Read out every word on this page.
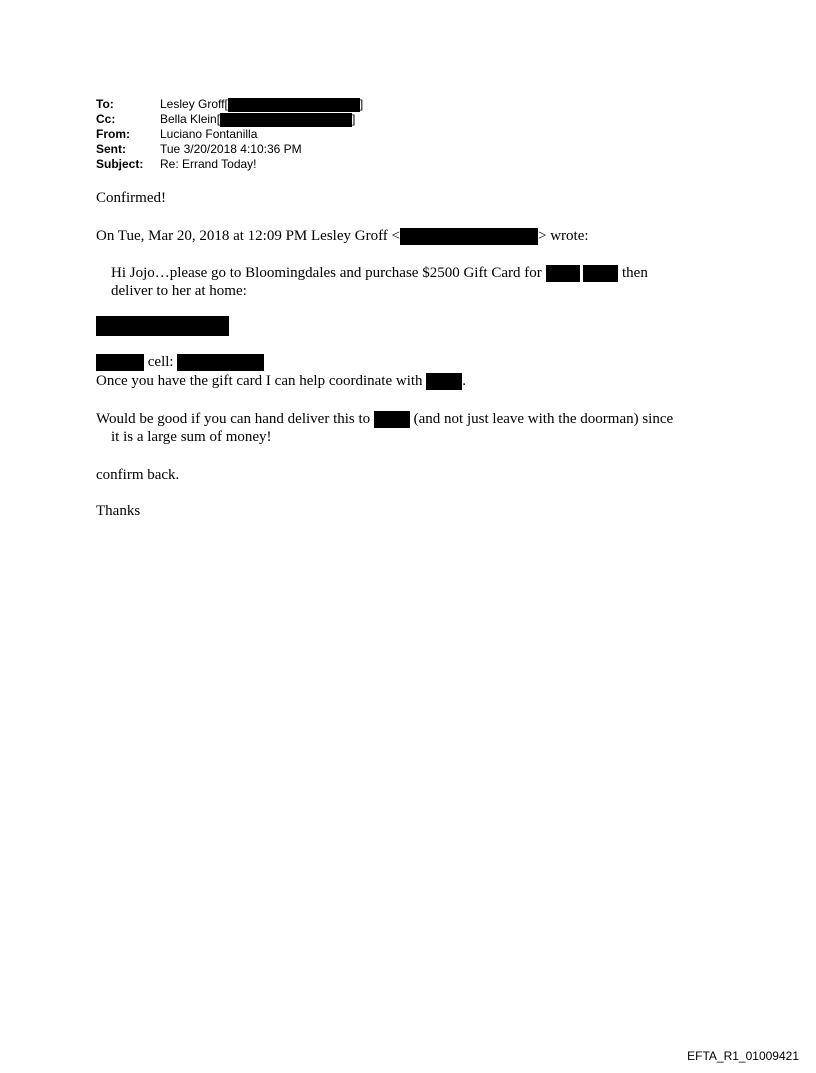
To:	Lesley Groff[	]
Cc:	Bella Klein[	]
From:	Luciano Fontanilla
Sent:	Tue 3/20/2018 4:10:36 PM
Subject:	Re: Errand Today!
Confirmed!
On Tue, Mar 20, 2018 at 12:09 PM Lesley Groff <	> wrote:
Hi Jojo…please go to Bloomingdales and purchase $2500 Gift Card for	then
deliver to her at home:
cell:
Once you have the gift card I can help coordinate with	.
Would be good if you can hand deliver this to	(and not just leave with the doorman) since
it is a large sum of money!
confirm back.
Thanks
EFTA_R1_01009421
